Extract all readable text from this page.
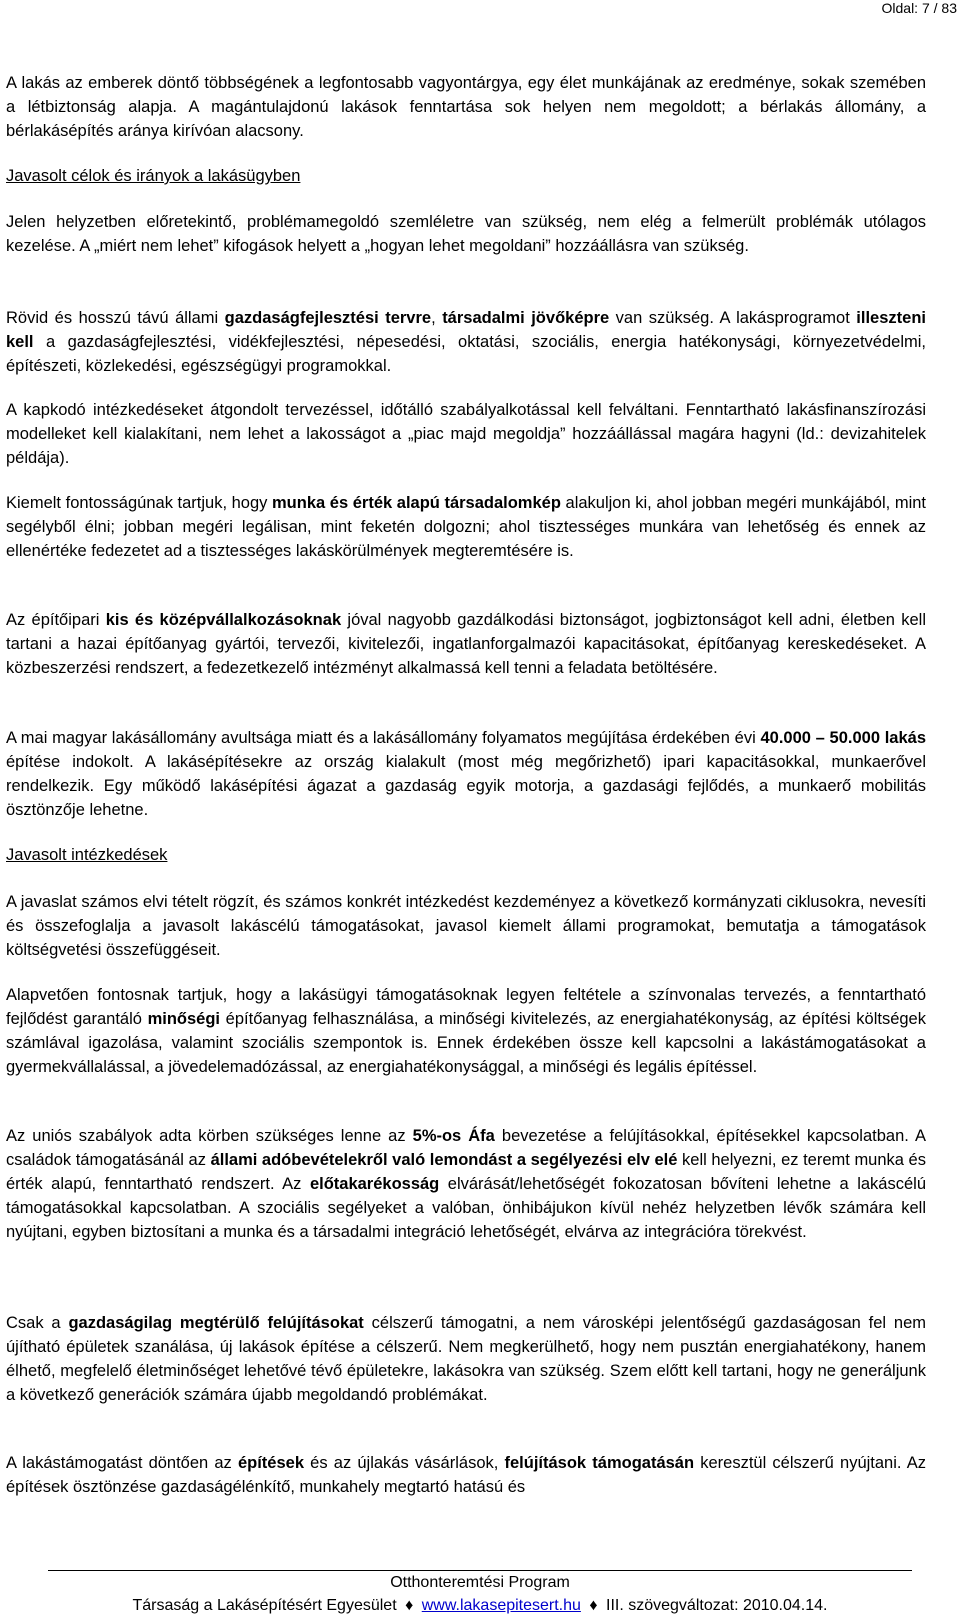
Oldal: 7 / 83

A lakás az emberek döntő többségének a legfontosabb vagyontárgya, egy élet munkájának az eredménye, sokak szemében a létbiztonság alapja. A magántulajdonú lakások fenntartása sok helyen nem megoldott; a bérlakás állomány, a bérlakásépítés aránya kirívóan alacsony.

Javasolt célok és irányok a lakásügyben

Jelen helyzetben előretekintő, problémamegoldó szemléletre van szükség, nem elég a felmerült problémák utólagos kezelése. A „miért nem lehet” kifogások helyett a „hogyan lehet megoldani” hozzáállásra van szükség.

Rövid és hosszú távú állami gazdaságfejlesztési tervre, társadalmi jövőképre van szükség. A lakásprogramot illeszteni kell a gazdaságfejlesztési, vidékfejlesztési, népesedési, oktatási, szociális, energia hatékonysági, környezetvédelmi, építészeti, közlekedési, egészségügyi programokkal.

A kapkodó intézkedéseket átgondolt tervezéssel, időtálló szabályalkotással kell felváltani. Fenntartható lakásfinanszírozási modelleket kell kialakítani, nem lehet a lakosságot a „piac majd megoldja” hozzáállással magára hagyni (ld.: devizahitelek példája).

Kiemelt fontosságúnak tartjuk, hogy munka és érték alapú társadalomkép alakuljon ki, ahol jobban megéri munkájából, mint segélyből élni; jobban megéri legálisan, mint feketén dolgozni; ahol tisztességes munkára van lehetőség és ennek az ellenértéke fedezetet ad a tisztességes lakáskörülmények megteremtésére is.

Az építőipari kis és középvállalkozásoknak jóval nagyobb gazdálkodási biztonságot, jogbiztonságot kell adni, életben kell tartani a hazai építőanyag gyártói, tervezői, kivitelezői, ingatlanforgalmazói kapacitásokat, építőanyag kereskedéseket. A közbeszerzési rendszert, a fedezetkezelő intézményt alkalmassá kell tenni a feladata betöltésére.

A mai magyar lakásállomány avultsága miatt és a lakásállomány folyamatos megújítása érdekében évi 40.000 – 50.000 lakás építése indokolt. A lakásépítésekre az ország kialakult (most még megőrizhető) ipari kapacitásokkal, munkaerővel rendelkezik. Egy működő lakásépítési ágazat a gazdaság egyik motorja, a gazdasági fejlődés, a munkaerő mobilitás ösztönzője lehetne.

Javasolt intézkedések

A javaslat számos elvi tételt rögzít, és számos konkrét intézkedést kezdeményez a következő kormányzati ciklusokra, nevesíti és összefoglalja a javasolt lakáscélú támogatásokat, javasol kiemelt állami programokat, bemutatja a támogatások költségvetési összefüggéseit.

Alapvetően fontosnak tartjuk, hogy a lakásügyi támogatásoknak legyen feltétele a színvonalas tervezés, a fenntartható fejlődést garantáló minőségi építőanyag felhasználása, a minőségi kivitelezés, az energiahatékonyság, az építési költségek számlával igazolása, valamint szociális szempontok is. Ennek érdekében össze kell kapcsolni a lakástámogatásokat a gyermekvállalással, a jövedelemadózással, az energiahatékonysággal, a minőségi és legális építéssel.

Az uniós szabályok adta körben szükséges lenne az 5%-os Áfa bevezetése a felújításokkal, építésekkel kapcsolatban. A családok támogatásánál az állami adóbevételekről való lemondást a segélyezési elv elé kell helyezni, ez teremt munka és érték alapú, fenntartható rendszert. Az előtakarékosság elvárását/lehetőségét fokozatosan bővíteni lehetne a lakáscélú támogatásokkal kapcsolatban. A szociális segélyeket a valóban, önhibájukon kívül nehéz helyzetben lévők számára kell nyújtani, egyben biztosítani a munka és a társadalmi integráció lehetőségét, elvárva az integrációra törekvést.

Csak a gazdaságilag megtérülő felújításokat célszerű támogatni, a nem városképi jelentőségű gazdaságosan fel nem újítható épületek szanálása, új lakások építése a célszerű. Nem megkerülhető, hogy nem pusztán energiahatékony, hanem élhető, megfelelő életminőséget lehetővé tévő épületekre, lakásokra van szükség. Szem előtt kell tartani, hogy ne generáljunk a következő generációk számára újabb megoldandó problémákat.

A lakástámogatást döntően az építések és az újlakás vásárlások, felújítások támogatásán keresztül célszerű nyújtani. Az építések ösztönzése gazdaságélénkítő, munkahely megtartó hatású és

Otthonteremtési Program
Társaság a Lakásépítésért Egyesület ♦ www.lakasepitesert.hu ♦ III. szövegváltozat: 2010.04.14.
